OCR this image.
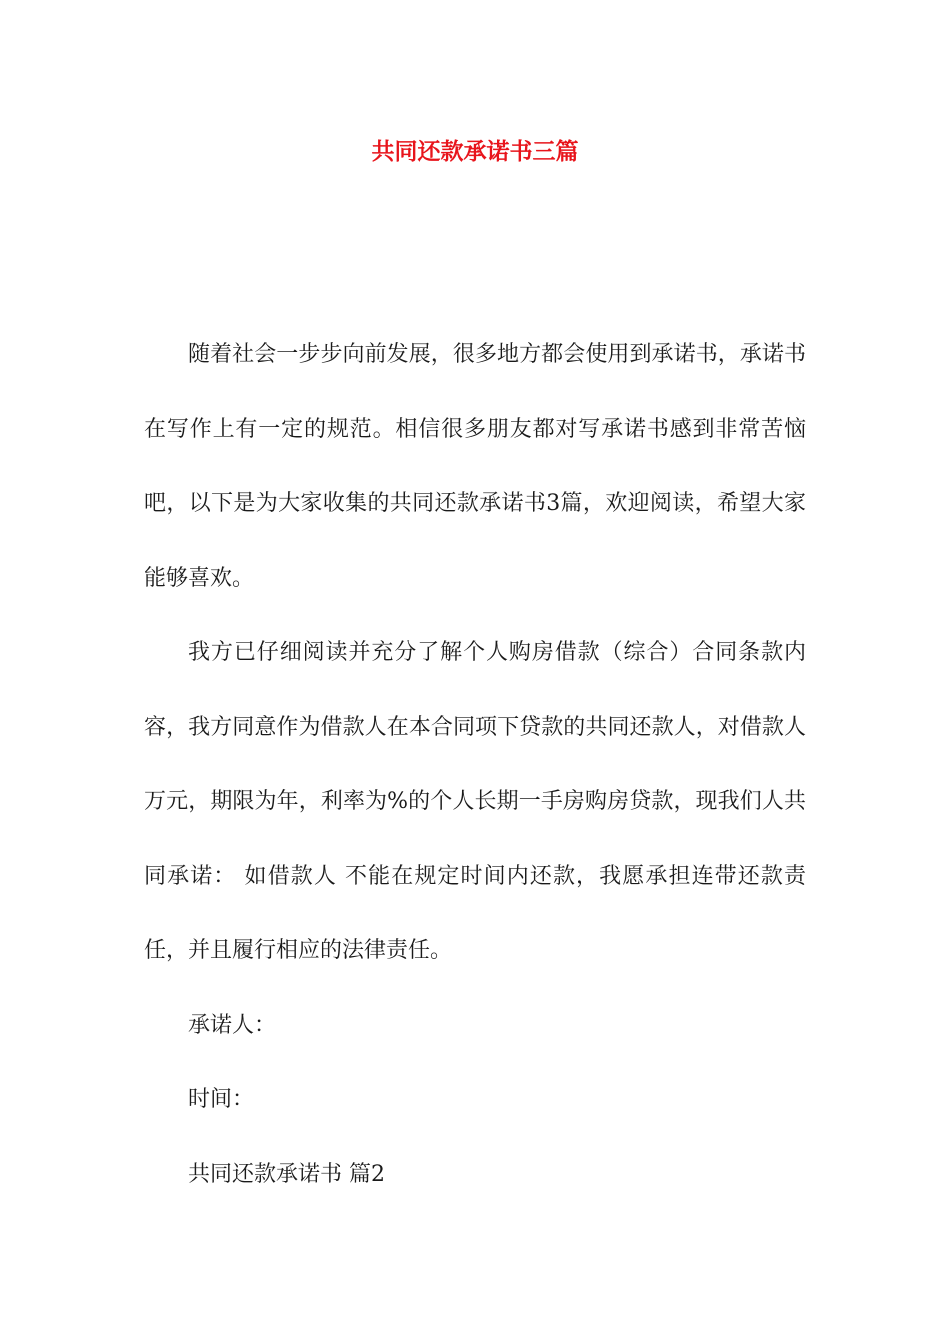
共同还款承诺书三篇

随着社会一步步向前发展，很多地方都会使用到承诺书，承诺书在写作上有一定的规范。相信很多朋友都对写承诺书感到非常苦恼吧，以下是为大家收集的共同还款承诺书3篇，欢迎阅读，希望大家能够喜欢。

我方已仔细阅读并充分了解个人购房借款（综合）合同条款内容，我方同意作为借款人在本合同项下贷款的共同还款人，对借款人万元，期限为年，利率为%的个人长期一手房购房贷款，现我们人共同承诺： 如借款人 不能在规定时间内还款，我愿承担连带还款责任，并且履行相应的法律责任。

承诺人：

时间：

共同还款承诺书 篇2
